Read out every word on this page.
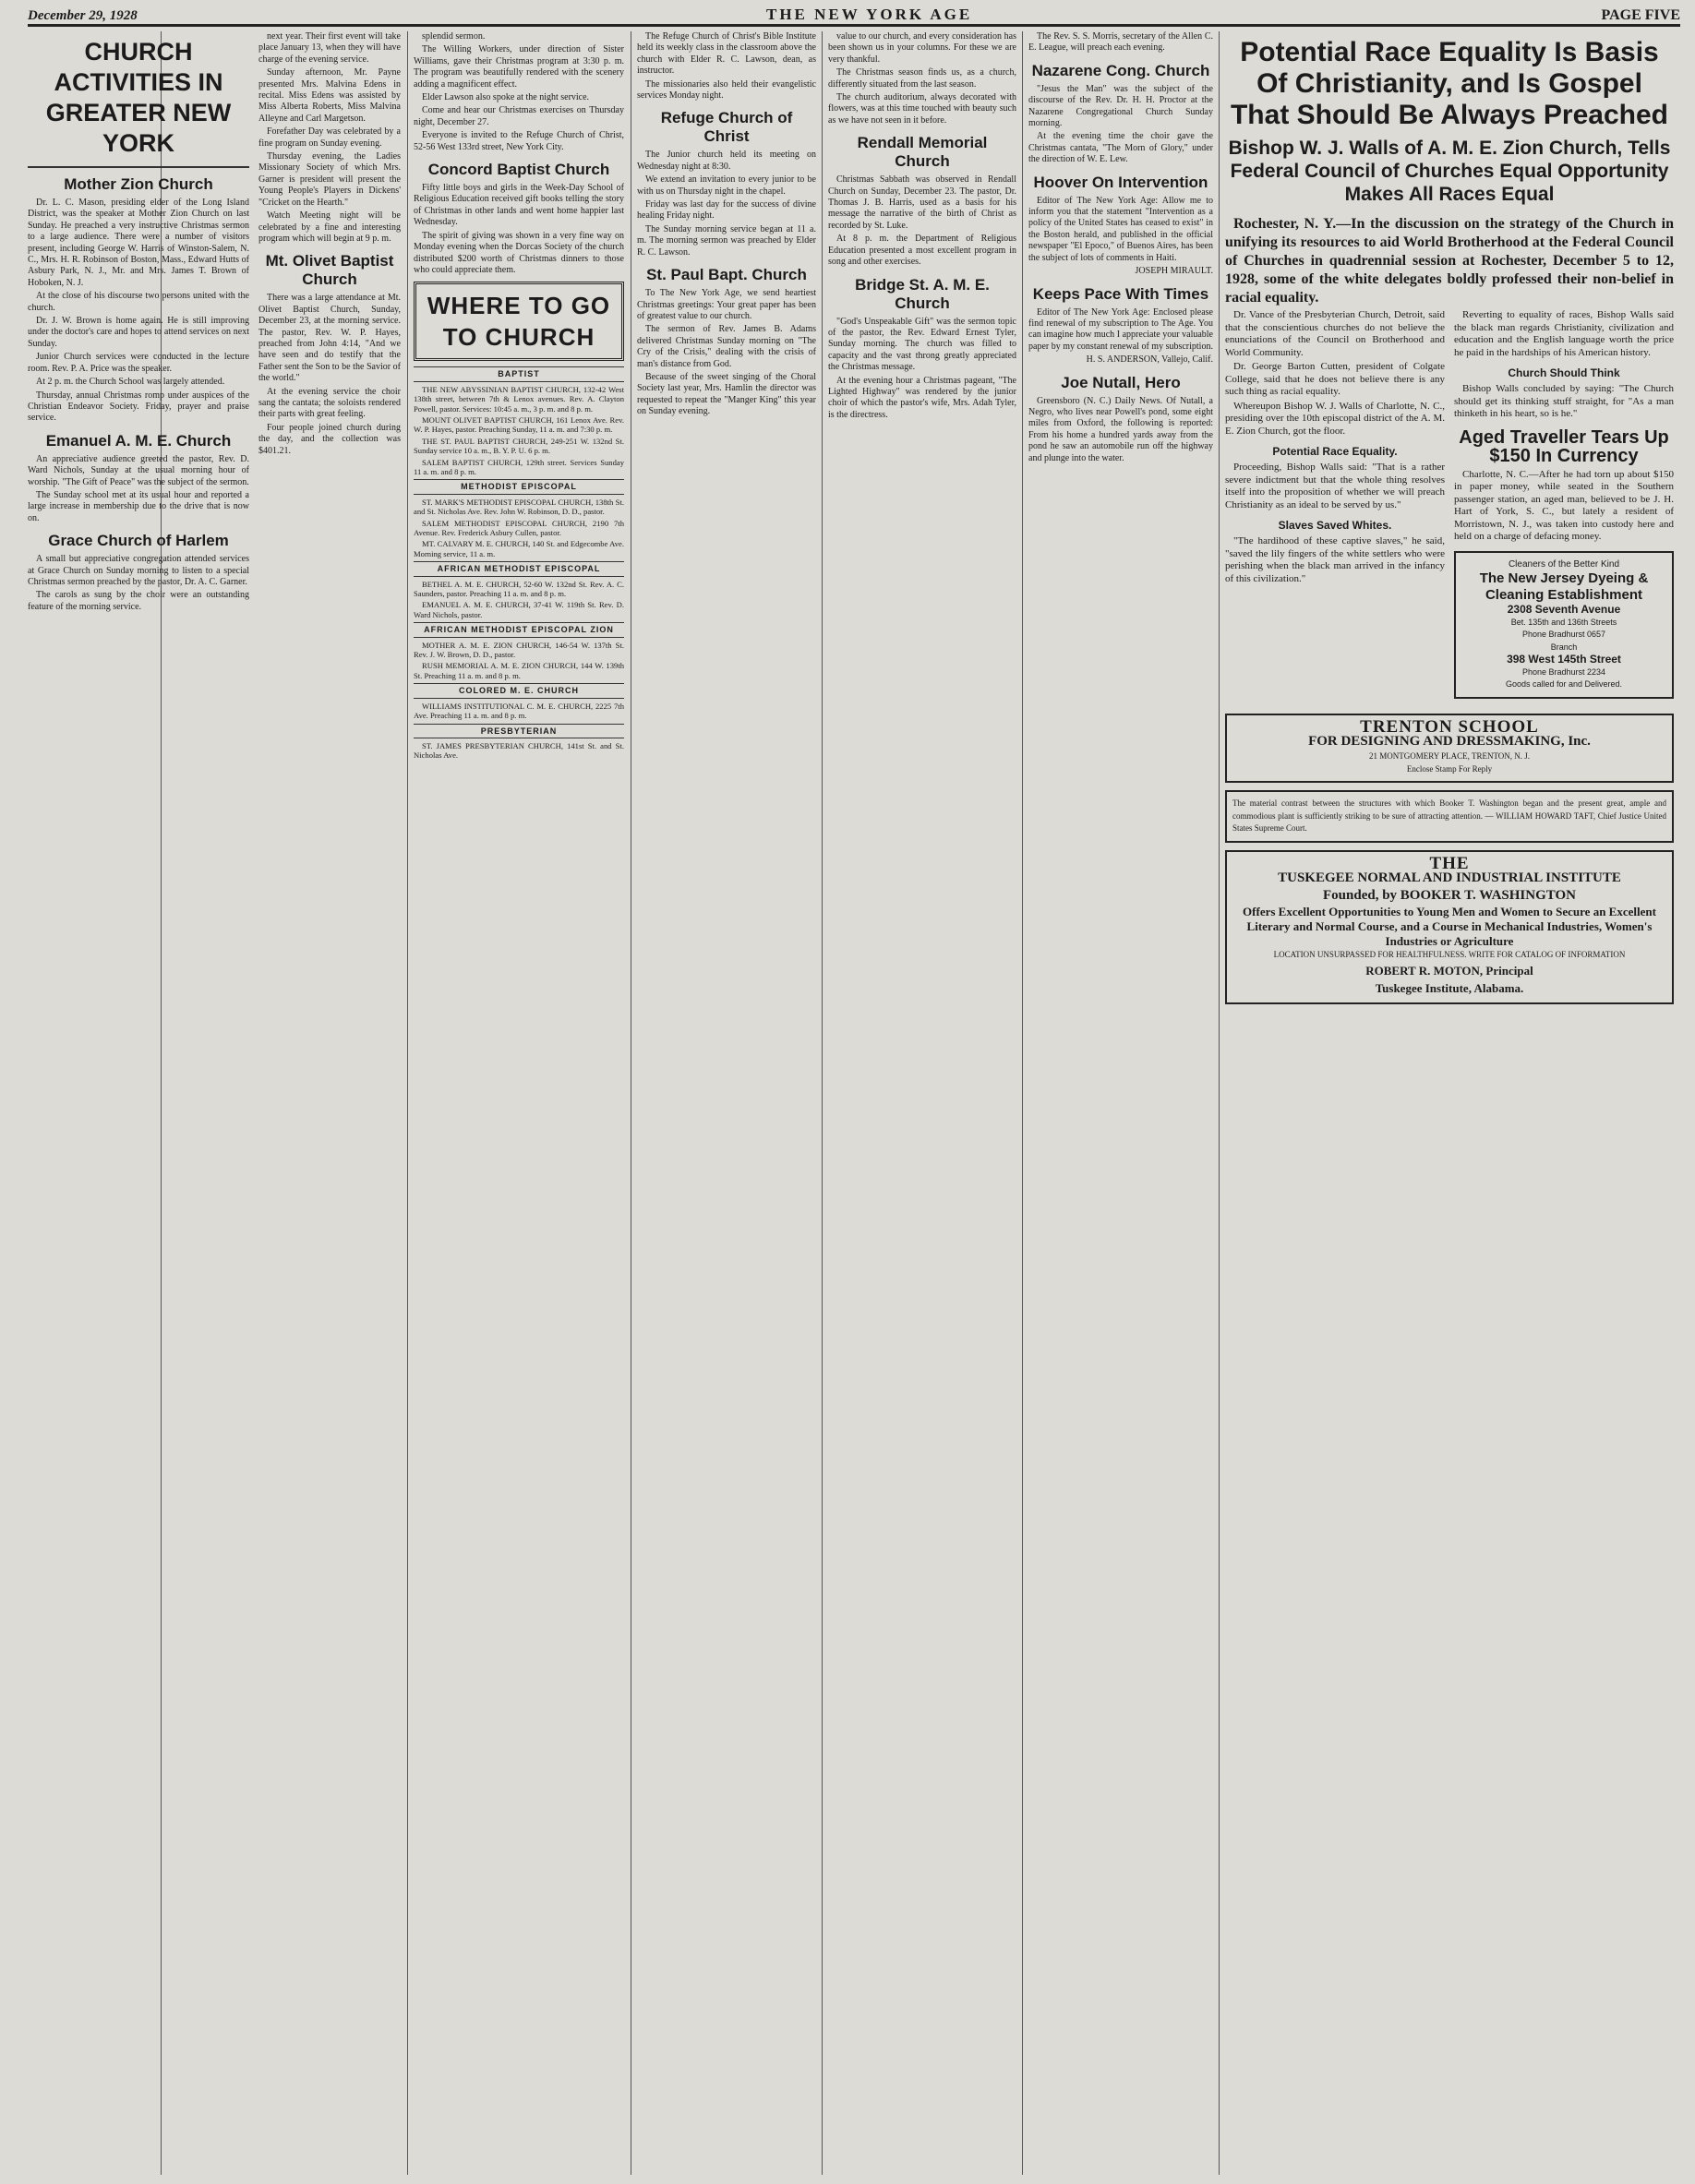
December 29, 1928	THE NEW YORK AGE	PAGE FIVE
CHURCH ACTIVITIES IN GREATER NEW YORK
Mother Zion Church

Dr. L. C. Mason, presiding elder of the Long Island District, was the speaker at Mother Zion Church on last Sunday. He preached a very instructive Christmas sermon to a large audience. There were a number of visitors present, including George W. Harris of Winston-Salem, N. C., Mrs. H. R. Robinson of Boston, Mass., Edward Hutts of Asbury Park, N. J., Mr. and Mrs. James T. Brown of Hoboken, N. J.

At the close of his discourse two persons united with the church.

Dr. J. W. Brown is home again. He is still improving under the doctor's care and hopes to attend services on next Sunday.

Junior Church services were conducted in the lecture room. Rev. P. A. Price was the speaker.

At 2 p. m. the Church School was largely attended.

Thursday, annual Christmas romp under auspices of the Christian Endeavor Society. Friday, prayer and praise service.

Emanuel A. M. E. Church

An appreciative audience greeted the pastor, Rev. D. Ward Nichols, Sunday at the usual morning hour of worship. "The Gift of Peace" was the subject of the sermon.

The Sunday school met at its usual hour and reported a large increase in membership due to the drive that is now on.

Grace Church of Harlem

A small but appreciative congregation attended services at Grace Church on Sunday morning to listen to a special Christmas sermon preached by the pastor, Dr. A. C. Garner.

The carols as sung by the choir were an outstanding feature of the morning service.

next year. Their first event will take place January 13, when they will have charge of the evening service.

Sunday afternoon, Mr. Payne presented Mrs. Malvina Edens in recital. Miss Edens was assisted by Miss Alberta Roberts, Miss Malvina Alleyne and Carl Margetson.

Forefather Day was celebrated by a fine program on Sunday evening.

Thursday evening, the Ladies Missionary Society of which Mrs. Garner is president will present the Young People's Players in Dickens' "Cricket on the Hearth."

Watch Meeting night will be celebrated by a fine and interesting program which will begin at 9 p. m.

Mt. Olivet Baptist Church

There was a large attendance at Mt. Olivet Baptist Church, Sunday, December 23, at the morning service. The pastor, Rev. W. P. Hayes, preached from John 4:14, "And we have seen and do testify that the Father sent the Son to be the Savior of the world."

At the evening service the choir sang the cantata; the soloists rendered their parts with great feeling.

Four people joined church during the day, and the collection was $401.21.

splendid sermon.

The Willing Workers, under direction of Sister Williams, gave their Christmas program at 3:30 p. m. The program was beautifully rendered with the scenery adding a magnificent effect.

Elder Lawson also spoke at the night service.

Come and hear our Christmas exercises on Thursday night, December 27.

Everyone is invited to the Refuge Church of Christ, 52-56 West 133rd street, New York City.

Concord Baptist Church

Fifty little boys and girls in the Week-Day School of Religious Education received gift books telling the story of Christmas in other lands and went home happier last Wednesday.

The spirit of giving was shown in a very fine way on Monday evening when the Dorcas Society of the church distributed $200 worth of Christmas dinners to those who could appreciate them.

WHERE TO GO TO CHURCH
BAPTIST

THE NEW ABYSSINIAN BAPTIST CHURCH, 132-42 West 138th street, between 7th & Lenox avenues. Rev. A. Clayton Powell, pastor. Services: 10:45 a. m., 3 p. m. and 8 p. m.

MOUNT OLIVET BAPTIST CHURCH, 161 Lenox Ave. Rev. W. P. Hayes, pastor. Preaching Sunday, 11 a. m. and 7:30 p. m.

THE ST. PAUL BAPTIST CHURCH, 249-251 W. 132nd St. Sunday service 10 a. m., B. Y. P. U. 6 p. m.

SALEM BAPTIST CHURCH, 129th street. Services Sunday 11 a. m. and 8 p. m.

METHODIST EPISCOPAL

ST. MARK'S METHODIST EPISCOPAL CHURCH, 138th St. and St. Nicholas Ave. Rev. John W. Robinson, D. D., pastor.

SALEM METHODIST EPISCOPAL CHURCH, 2190 7th Avenue. Rev. Frederick Asbury Cullen, pastor.

MT. CALVARY M. E. CHURCH, 140 St. and Edgecombe Ave. Morning service, 11 a. m.

AFRICAN METHODIST EPISCOPAL

BETHEL A. M. E. CHURCH, 52-60 W. 132nd St. Rev. A. C. Saunders, pastor. Preaching 11 a. m. and 8 p. m.

EMANUEL A. M. E. CHURCH, 37-41 W. 119th St. Rev. D. Ward Nichols, pastor.

AFRICAN METHODIST EPISCOPAL ZION

MOTHER A. M. E. ZION CHURCH, 146-54 W. 137th St. Rev. J. W. Brown, D. D., pastor.

RUSH MEMORIAL A. M. E. ZION CHURCH, 144 W. 139th St. Preaching 11 a. m. and 8 p. m.

COLORED M. E. CHURCH

WILLIAMS INSTITUTIONAL C. M. E. CHURCH, 2225 7th Ave. Preaching 11 a. m. and 8 p. m.

PRESBYTERIAN

ST. JAMES PRESBYTERIAN CHURCH, 141st St. and St. Nicholas Ave.

The Refuge Church of Christ's Bible Institute held its weekly class in the classroom above the church with Elder R. C. Lawson, dean, as instructor.

The missionaries also held their evangelistic services Monday night.

Refuge Church of Christ

The Junior church held its meeting on Wednesday night at 8:30.

We extend an invitation to every junior to be with us on Thursday night in the chapel.

Friday was last day for the success of divine healing Friday night.

The Sunday morning service began at 11 a. m. The morning sermon was preached by Elder R. C. Lawson.

St. Paul Bapt. Church

To The New York Age, we send heartiest Christmas greetings: Your great paper has been of greatest value to our church.

The sermon of Rev. James B. Adams delivered Christmas Sunday morning on "The Cry of the Crisis," dealing with the crisis of man's distance from God.

Because of the sweet singing of the Choral Society last year, Mrs. Hamlin the director was requested to repeat the "Manger King" this year on Sunday evening.

value to our church, and every consideration has been shown us in your columns. For these we are very thankful.

The Christmas season finds us, as a church, differently situated from the last season.

The church auditorium, always decorated with flowers, was at this time touched with beauty such as we have not seen in it before.

Rendall Memorial Church

Christmas Sabbath was observed in Rendall Church on Sunday, December 23. The pastor, Dr. Thomas J. B. Harris, used as a basis for his message the narrative of the birth of Christ as recorded by St. Luke.

At 8 p. m. the Department of Religious Education presented a most excellent program in song and other exercises.

Bridge St. A. M. E. Church

"God's Unspeakable Gift" was the sermon topic of the pastor, the Rev. Edward Ernest Tyler, Sunday morning. The church was filled to capacity and the vast throng greatly appreciated the Christmas message.

At the evening hour a Christmas pageant, "The Lighted Highway" was rendered by the junior choir of which the pastor's wife, Mrs. Adah Tyler, is the directress.

The Rev. S. S. Morris, secretary of the Allen C. E. League, will preach each evening.

Nazarene Cong. Church

"Jesus the Man" was the subject of the discourse of the Rev. Dr. H. H. Proctor at the Nazarene Congregational Church Sunday morning.

At the evening time the choir gave the Christmas cantata, "The Morn of Glory," under the direction of W. E. Lew.

Hoover On Intervention

Editor of The New York Age: Allow me to inform you that the statement "Intervention as a policy of the United States has ceased to exist" in the Boston herald, and published in the official newspaper "El Epoco," of Buenos Aires, has been the subject of lots of comments in Haiti.

JOSEPH MIRAULT.

Keeps Pace With Times

Editor of The New York Age: Enclosed please find renewal of my subscription to The Age. You can imagine how much I appreciate your valuable paper by my constant renewal of my subscription.

H. S. ANDERSON, Vallejo, Calif.

Joe Nutall, Hero

Greensboro (N. C.) Daily News. Of Nutall, a Negro, who lives near Powell's pond, some eight miles from Oxford, the following is reported: From his home a hundred yards away from the pond he saw an automobile run off the highway and plunge into the water.

Potential Race Equality Is Basis Of Christianity, and Is Gospel That Should Be Always Preached
Bishop W. J. Walls of A. M. E. Zion Church, Tells Federal Council of Churches Equal Opportunity Makes All Races Equal

Rochester, N. Y.—In the discussion on the strategy of the Church in unifying its resources to aid World Brotherhood at the Federal Council of Churches in quadrennial session at Rochester, December 5 to 12, 1928, some of the white delegates boldly professed their non-belief in racial equality.

Dr. Vance of the Presbyterian Church, Detroit, said that the conscientious churches do not believe the enunciations of the Council on Brotherhood and World Community.

Dr. George Barton Cutten, president of Colgate College, said that he does not believe there is any such thing as racial equality.

Whereupon Bishop W. J. Walls of Charlotte, N. C., presiding over the 10th episcopal district of the A. M. E. Zion Church, got the floor.

Potential Race Equality.

Proceeding, Bishop Walls said: "That is a rather severe indictment but that the whole thing resolves itself into the proposition of whether we will preach Christianity as an ideal to be served by us."

Slaves Saved Whites.

"The hardihood of these captive slaves," he said, "saved the lily fingers of the white settlers who were perishing when the black man arrived in the infancy of this civilization."

Reverting to equality of races, Bishop Walls said the black man regards Christianity, civilization and education and the English language worth the price he paid in the hardships of his American history.

Church Should Think

Bishop Walls concluded by saying: "The Church should get its thinking stuff straight, for "As a man thinketh in his heart, so is he."

Aged Traveller Tears Up $150 In Currency

Charlotte, N. C.—After he had torn up about $150 in paper money, while seated in the Southern passenger station, an aged man, believed to be J. H. Hart of York, S. C., but lately a resident of Morristown, N. J., was taken into custody here and held on a charge of defacing money.

Cleaners of the Better Kind
The New Jersey Dyeing & Cleaning Establishment
2308 Seventh Avenue
Bet. 135th and 136th Streets
Phone Bradhurst 0657
Branch
398 West 145th Street
Phone Bradhurst 2234
Goods called for and Delivered.
TRENTON SCHOOL
FOR DESIGNING AND DRESSMAKING, Inc.
21 MONTGOMERY PLACE, TRENTON, N. J.
Enclose Stamp For Reply
The material contrast between the structures with which Booker T. Washington began and the present great, ample and commodious plant is sufficiently striking to be sure of attracting attention. — WILLIAM HOWARD TAFT, Chief Justice United States Supreme Court.
THE
TUSKEGEE NORMAL AND INDUSTRIAL INSTITUTE
Founded, by BOOKER T. WASHINGTON
Offers Excellent Opportunities to Young Men and Women to Secure an Excellent Literary and Normal Course, and a Course in Mechanical Industries, Women's Industries or Agriculture
LOCATION UNSURPASSED FOR HEALTHFULNESS. WRITE FOR CATALOG OF INFORMATION
ROBERT R. MOTON, Principal
Tuskegee Institute, Alabama.
